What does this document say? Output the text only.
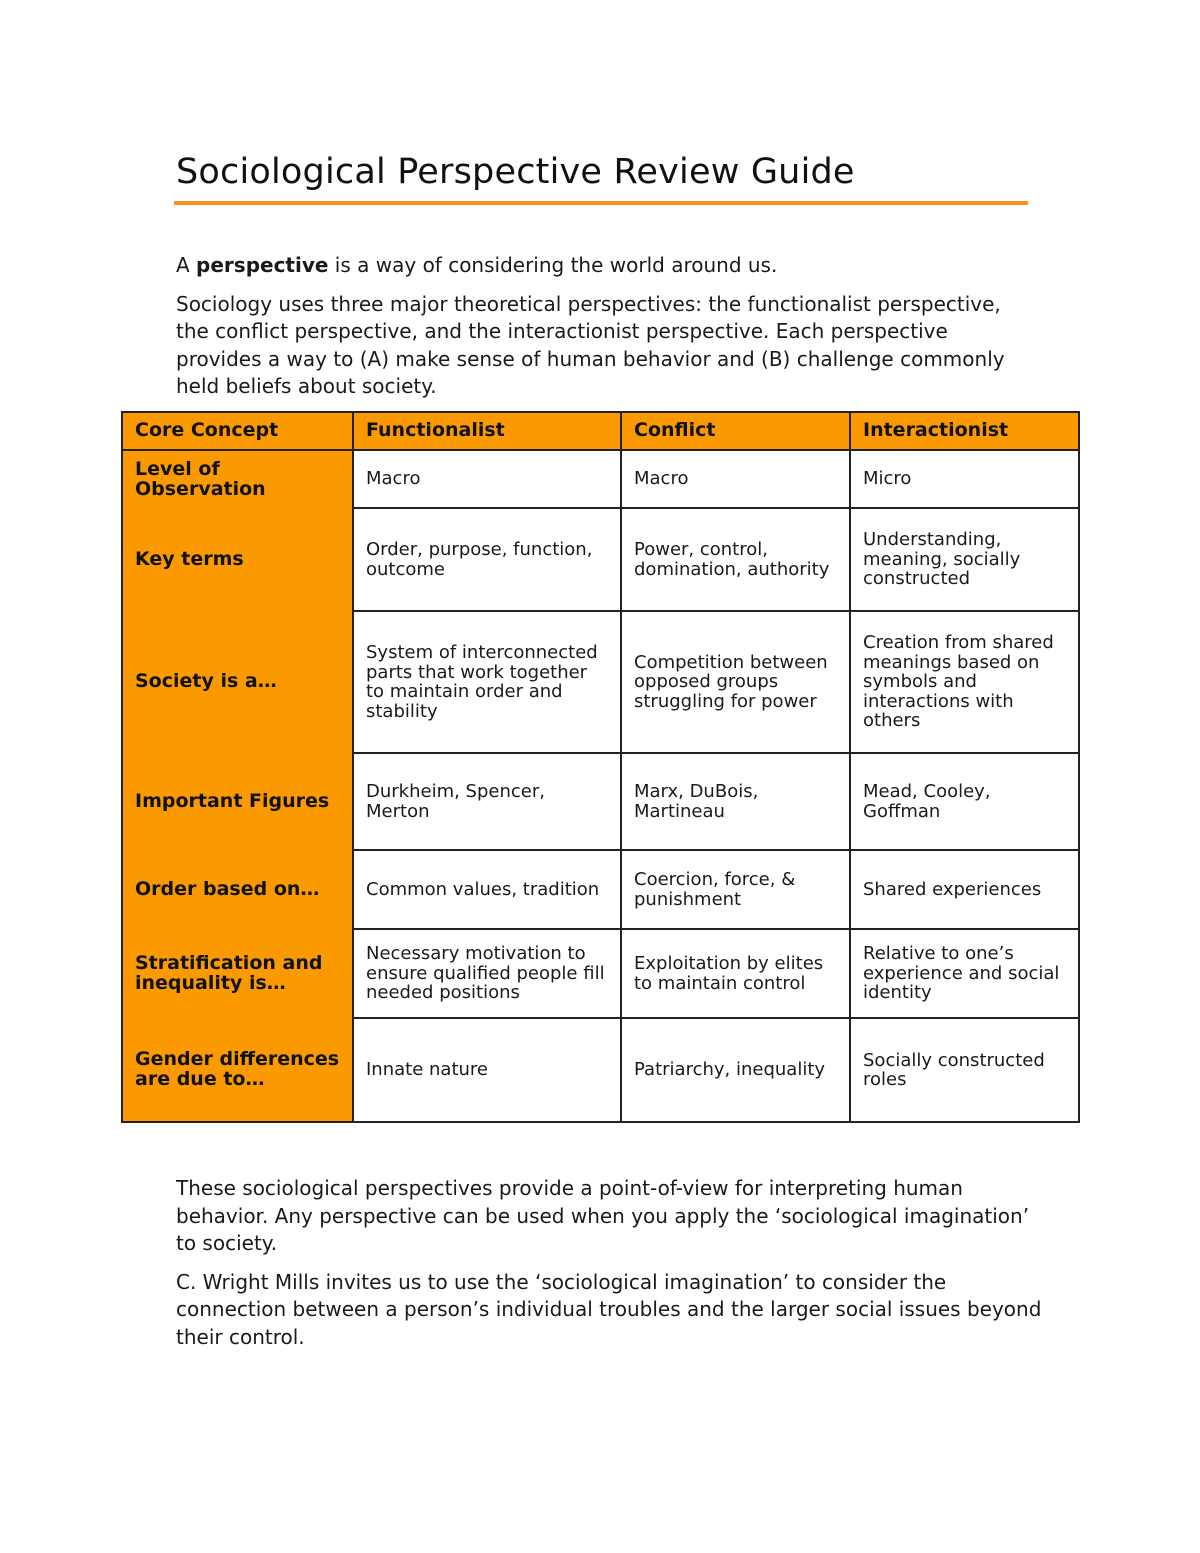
Sociological Perspective Review Guide

A perspective is a way of considering the world around us.

Sociology uses three major theoretical perspectives: the functionalist perspective, the conflict perspective, and the interactionist perspective. Each perspective provides a way to (A) make sense of human behavior and (B) challenge commonly held beliefs about society.

Core Concept	Functionalist	Conflict	Interactionist
Level of Observation	Macro	Macro	Micro
Key terms	Order, purpose, function, outcome	Power, control, domination, authority	Understanding, meaning, socially constructed
Society is a…	System of interconnected parts that work together to maintain order and stability	Competition between opposed groups struggling for power	Creation from shared meanings based on symbols and interactions with others
Important Figures	Durkheim, Spencer, Merton	Marx, DuBois, Martineau	Mead, Cooley, Goffman
Order based on…	Common values, tradition	Coercion, force, & punishment	Shared experiences
Stratification and inequality is…	Necessary motivation to ensure qualified people fill needed positions	Exploitation by elites to maintain control	Relative to one’s experience and social identity
Gender differences are due to…	Innate nature	Patriarchy, inequality	Socially constructed roles

These sociological perspectives provide a point-of-view for interpreting human behavior. Any perspective can be used when you apply the ‘sociological imagination’ to society.

C. Wright Mills invites us to use the ‘sociological imagination’ to consider the connection between a person’s individual troubles and the larger social issues beyond their control.
